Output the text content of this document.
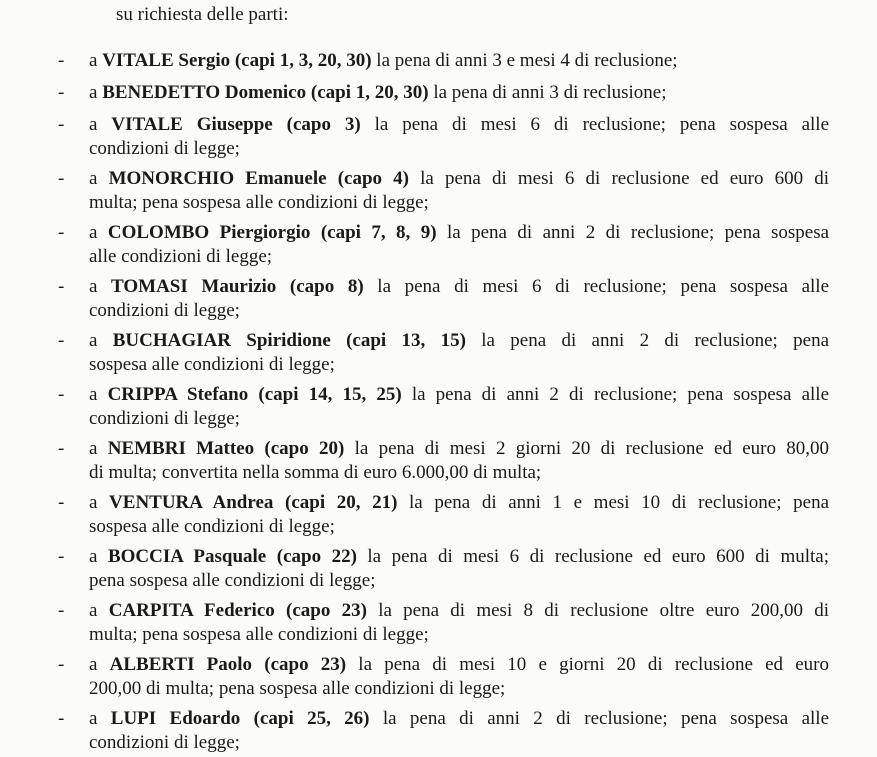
su richiesta delle parti:
- a VITALE Sergio (capi 1, 3, 20, 30) la pena di anni 3 e mesi 4 di reclusione;
- a BENEDETTO Domenico (capi 1, 20, 30) la pena di anni 3 di reclusione;
- a VITALE Giuseppe (capo 3) la pena di mesi 6 di reclusione; pena sospesa alle
condizioni di legge;
- a MONORCHIO Emanuele (capo 4) la pena di mesi 6 di reclusione ed euro 600 di
multa; pena sospesa alle condizioni di legge;
- a COLOMBO Piergiorgio (capi 7, 8, 9) la pena di anni 2 di reclusione; pena sospesa
alle condizioni di legge;
- a TOMASI Maurizio (capo 8) la pena di mesi 6 di reclusione; pena sospesa alle
condizioni di legge;
- a BUCHAGIAR Spiridione (capi 13, 15) la pena di anni 2 di reclusione; pena
sospesa alle condizioni di legge;
- a CRIPPA Stefano (capi 14, 15, 25) la pena di anni 2 di reclusione; pena sospesa alle
condizioni di legge;
- a NEMBRI Matteo (capo 20) la pena di mesi 2 giorni 20 di reclusione ed euro 80,00
di multa; convertita nella somma di euro 6.000,00 di multa;
- a VENTURA Andrea (capi 20, 21) la pena di anni 1 e mesi 10 di reclusione; pena
sospesa alle condizioni di legge;
- a BOCCIA Pasquale (capo 22) la pena di mesi 6 di reclusione ed euro 600 di multa;
pena sospesa alle condizioni di legge;
- a CARPITA Federico (capo 23) la pena di mesi 8 di reclusione oltre euro 200,00 di
multa; pena sospesa alle condizioni di legge;
- a ALBERTI Paolo (capo 23) la pena di mesi 10 e giorni 20 di reclusione ed euro
200,00 di multa; pena sospesa alle condizioni di legge;
- a LUPI Edoardo (capi 25, 26) la pena di anni 2 di reclusione; pena sospesa alle
condizioni di legge;
